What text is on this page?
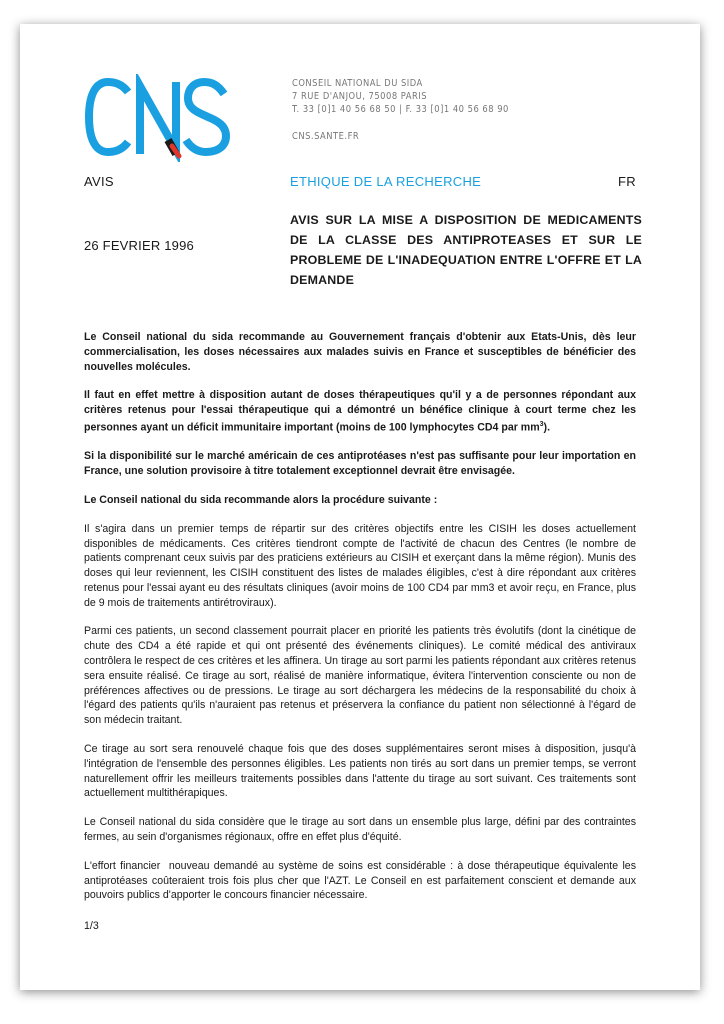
CONSEIL NATIONAL DU SIDA
7 RUE D'ANJOU, 75008 PARIS
T. 33 [0]1 40 56 68 50 | F. 33 [0]1 40 56 68 90
CNS.SANTE.FR
AVIS	ETHIQUE DE LA RECHERCHE	FR
26 FEVRIER 1996
AVIS SUR LA MISE A DISPOSITION DE MEDICAMENTS DE LA CLASSE DES ANTIPROTEASES ET SUR LE PROBLEME DE L'INADEQUATION ENTRE L'OFFRE ET LA DEMANDE

Le Conseil national du sida recommande au Gouvernement français d'obtenir aux Etats-Unis, dès leur commercialisation, les doses nécessaires aux malades suivis en France et susceptibles de bénéficier des nouvelles molécules.

Il faut en effet mettre à disposition autant de doses thérapeutiques qu'il y a de personnes répondant aux critères retenus pour l'essai thérapeutique qui a démontré un bénéfice clinique à court terme chez les personnes ayant un déficit immunitaire important (moins de 100 lymphocytes CD4 par $mm^3$).

Si la disponibilité sur le marché américain de ces antiprotéases n'est pas suffisante pour leur importation en France, une solution provisoire à titre totalement exceptionnel devrait être envisagée.

Le Conseil national du sida recommande alors la procédure suivante :

Il s'agira dans un premier temps de répartir sur des critères objectifs entre les CISIH les doses actuellement disponibles de médicaments. Ces critères tiendront compte de l'activité de chacun des Centres (le nombre de patients comprenant ceux suivis par des praticiens extérieurs au CISIH et exerçant dans la même région). Munis des doses qui leur reviennent, les CISIH constituent des listes de malades éligibles, c'est à dire répondant aux critères retenus pour l'essai ayant eu des résultats cliniques (avoir moins de 100 CD4 par mm3 et avoir reçu, en France, plus de 9 mois de traitements antirétroviraux).

Parmi ces patients, un second classement pourrait placer en priorité les patients très évolutifs (dont la cinétique de chute des CD4 a été rapide et qui ont présenté des événements cliniques). Le comité médical des antiviraux contrôlera le respect de ces critères et les affinera. Un tirage au sort parmi les patients répondant aux critères retenus sera ensuite réalisé. Ce tirage au sort, réalisé de manière informatique, évitera l'intervention consciente ou non de préférences affectives ou de pressions. Le tirage au sort déchargera les médecins de la responsabilité du choix à l'égard des patients qu'ils n'auraient pas retenus et préservera la confiance du patient non sélectionné à l'égard de son médecin traitant.

Ce tirage au sort sera renouvelé chaque fois que des doses supplémentaires seront mises à disposition, jusqu'à l'intégration de l'ensemble des personnes éligibles. Les patients non tirés au sort dans un premier temps, se verront naturellement offrir les meilleurs traitements possibles dans l'attente du tirage au sort suivant. Ces traitements sont actuellement multithérapiques.

Le Conseil national du sida considère que le tirage au sort dans un ensemble plus large, défini par des contraintes fermes, au sein d'organismes régionaux, offre en effet plus d'équité.

L'effort financier  nouveau demandé au système de soins est considérable : à dose thérapeutique équivalente les antiprotéases coûteraient trois fois plus cher que l'AZT. Le Conseil en est parfaitement conscient et demande aux pouvoirs publics d'apporter le concours financier nécessaire.

1/3
